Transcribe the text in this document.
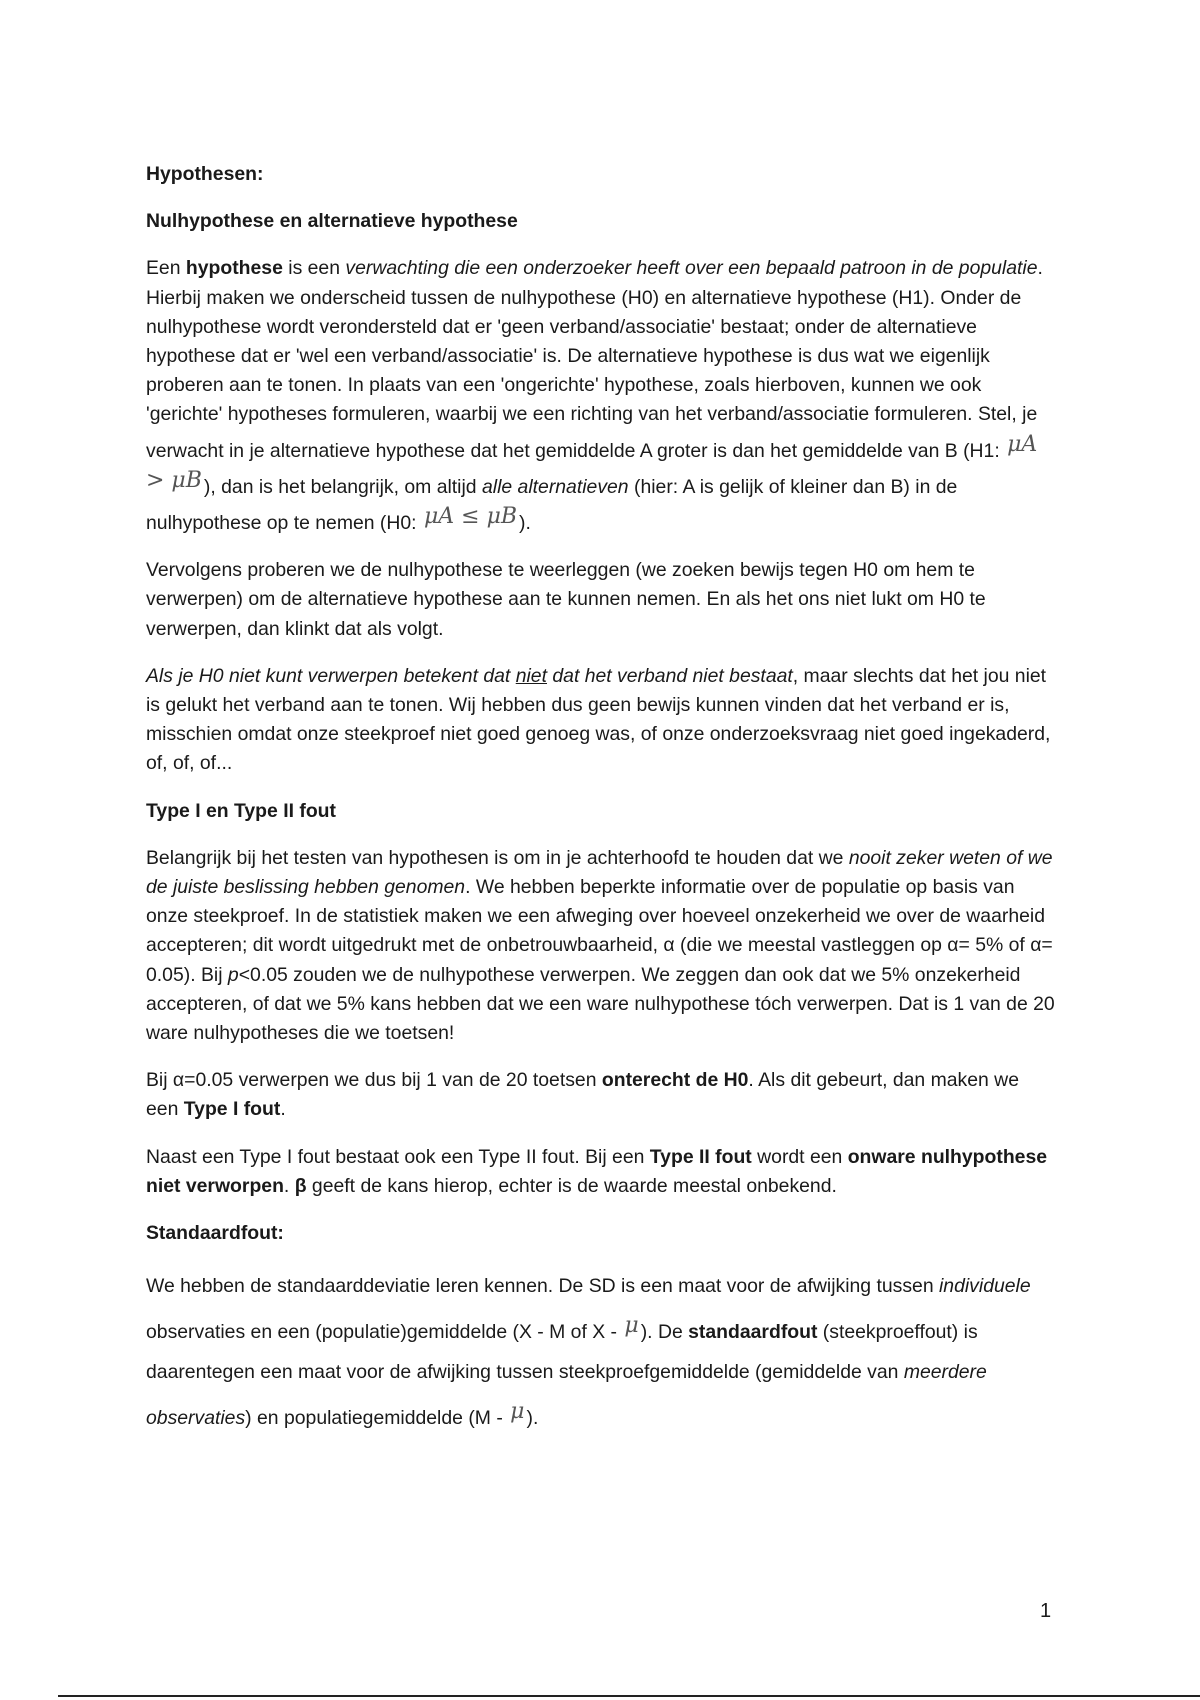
Hypothesen:
Nulhypothese en alternatieve hypothese

Een hypothese is een verwachting die een onderzoeker heeft over een bepaald patroon in de populatie. Hierbij maken we onderscheid tussen de nulhypothese (H0) en alternatieve hypothese (H1). Onder de nulhypothese wordt verondersteld dat er 'geen verband/associatie' bestaat; onder de alternatieve hypothese dat er 'wel een verband/associatie' is. De alternatieve hypothese is dus wat we eigenlijk proberen aan te tonen. In plaats van een 'ongerichte' hypothese, zoals hierboven, kunnen we ook 'gerichte' hypotheses formuleren, waarbij we een richting van het verband/associatie formuleren. Stel, je verwacht in je alternatieve hypothese dat het gemiddelde A groter is dan het gemiddelde van B (H1: μA > μB ), dan is het belangrijk, om altijd alle alternatieven (hier: A is gelijk of kleiner dan B) in de nulhypothese op te nemen (H0: μA ≤ μB ).

Vervolgens proberen we de nulhypothese te weerleggen (we zoeken bewijs tegen H0 om hem te verwerpen) om de alternatieve hypothese aan te kunnen nemen. En als het ons niet lukt om H0 te verwerpen, dan klinkt dat als volgt.

Als je H0 niet kunt verwerpen betekent dat niet dat het verband niet bestaat, maar slechts dat het jou niet is gelukt het verband aan te tonen. Wij hebben dus geen bewijs kunnen vinden dat het verband er is, misschien omdat onze steekproef niet goed genoeg was, of onze onderzoeksvraag niet goed ingekaderd, of, of, of...

Type I en Type II fout

Belangrijk bij het testen van hypothesen is om in je achterhoofd te houden dat we nooit zeker weten of we de juiste beslissing hebben genomen. We hebben beperkte informatie over de populatie op basis van onze steekproef. In de statistiek maken we een afweging over hoeveel onzekerheid we over de waarheid accepteren; dit wordt uitgedrukt met de onbetrouwbaarheid, α (die we meestal vastleggen op α= 5% of α= 0.05). Bij p<0.05 zouden we de nulhypothese verwerpen. We zeggen dan ook dat we 5% onzekerheid accepteren, of dat we 5% kans hebben dat we een ware nulhypothese tóch verwerpen. Dat is 1 van de 20 ware nulhypotheses die we toetsen!

Bij α=0.05 verwerpen we dus bij 1 van de 20 toetsen onterecht de H0. Als dit gebeurt, dan maken we een Type I fout.

Naast een Type I fout bestaat ook een Type II fout. Bij een Type II fout wordt een onware nulhypothese niet verworpen. β geeft de kans hierop, echter is de waarde meestal onbekend.

Standaardfout:

We hebben de standaarddeviatie leren kennen. De SD is een maat voor de afwijking tussen individuele observaties en een (populatie)gemiddelde (X - M of X - μ ). De standaardfout (steekproeffout) is daarentegen een maat voor de afwijking tussen steekproefgemiddelde (gemiddelde van meerdere observaties) en populatiegemiddelde (M - μ ).

1
